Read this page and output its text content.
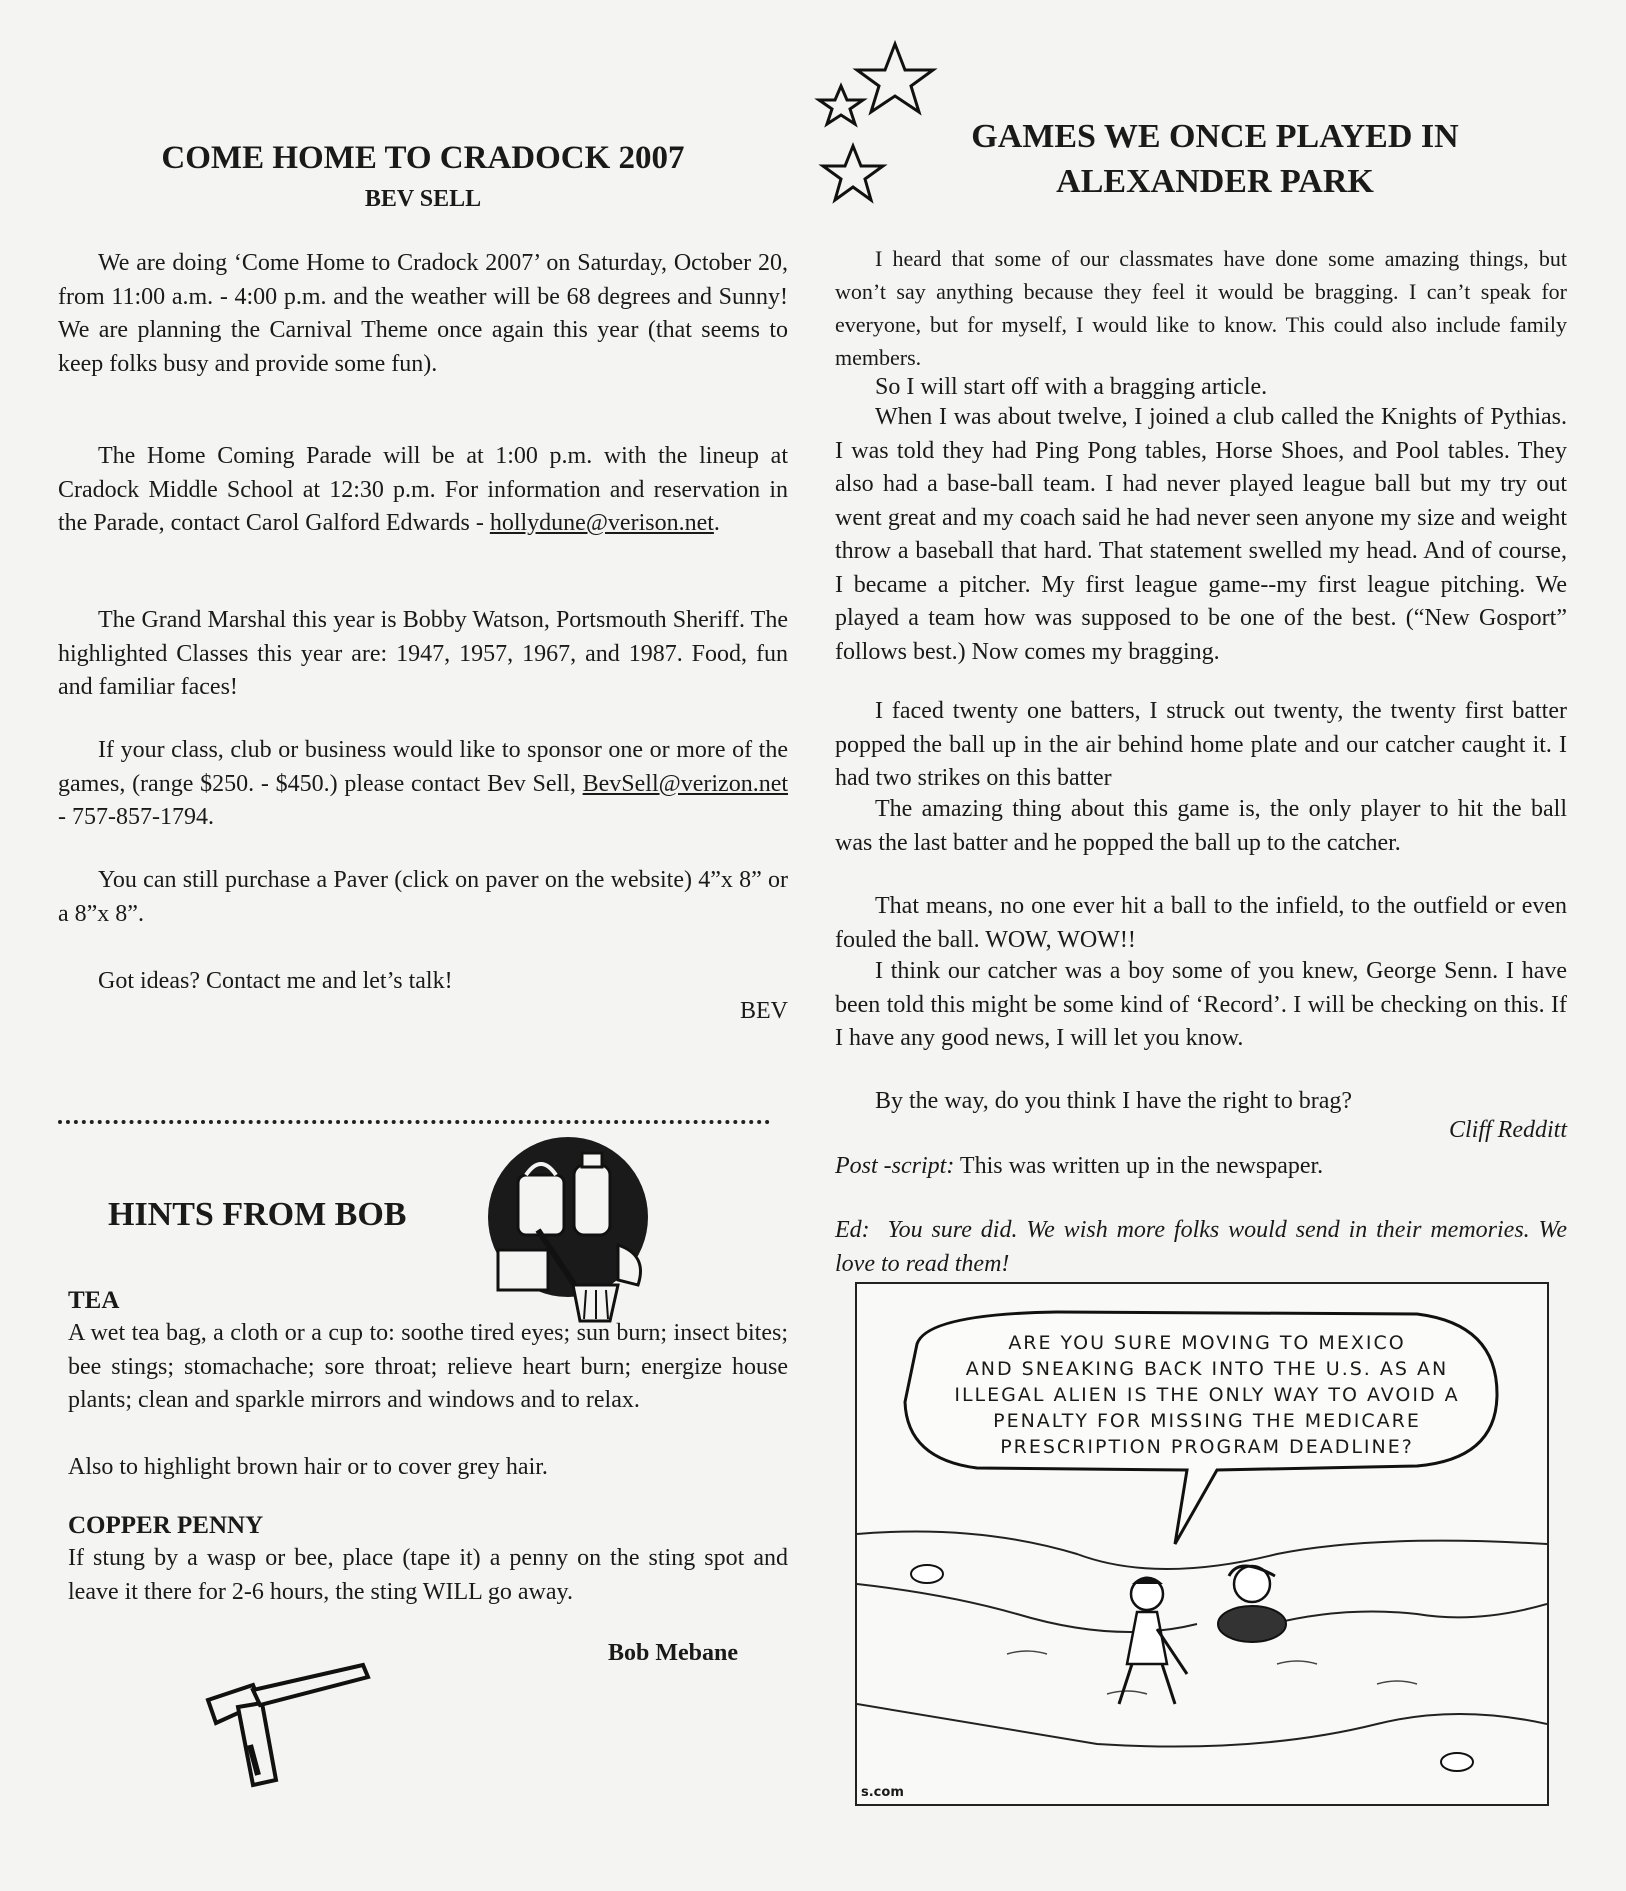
COME HOME TO CRADOCK 2007
BEV SELL

We are doing ‘Come Home to Cradock 2007’ on Saturday, October 20, from 11:00 a.m. - 4:00 p.m. and the weather will be 68 degrees and Sunny! We are planning the Carnival Theme once again this year (that seems to keep folks busy and provide some fun).

The Home Coming Parade will be at 1:00 p.m. with the lineup at Cradock Middle School at 12:30 p.m. For information and reservation in the Parade, contact Carol Galford Edwards - hollydune@verison.net.

The Grand Marshal this year is Bobby Watson, Portsmouth Sheriff. The highlighted Classes this year are: 1947, 1957, 1967, and 1987. Food, fun and familiar faces!

If your class, club or business would like to sponsor one or more of the games, (range $250. - $450.) please contact Bev Sell, BevSell@verizon.net - 757-857-1794.

You can still purchase a Paver (click on paver on the website) 4”x 8” or a 8”x 8”.

Got ideas? Contact me and let’s talk!

BEV
HINTS FROM BOB
TEA

A wet tea bag, a cloth or a cup to: soothe tired eyes; sun burn; insect bites; bee stings; stomachache; sore throat; relieve heart burn; energize house plants; clean and sparkle mirrors and windows and to relax.

Also to highlight brown hair or to cover grey hair.

COPPER PENNY

If stung by a wasp or bee, place (tape it) a penny on the sting spot and leave it there for 2-6 hours, the sting WILL go away.

Bob Mebane
GAMES WE ONCE PLAYED IN
ALEXANDER PARK

I heard that some of our classmates have done some amazing things, but won’t say anything because they feel it would be bragging. I can’t speak for everyone, but for myself, I would like to know. This could also include family members.

So I will start off with a bragging article.

When I was about twelve, I joined a club called the Knights of Pythias. I was told they had Ping Pong tables, Horse Shoes, and Pool tables. They also had a base-ball team. I had never played league ball but my try out went great and my coach said he had never seen anyone my size and weight throw a baseball that hard. That statement swelled my head. And of course, I became a pitcher. My first league game--my first league pitching. We played a team how was supposed to be one of the best. (“New Gosport” follows best.) Now comes my bragging.

I faced twenty one batters, I struck out twenty, the twenty first batter popped the ball up in the air behind home plate and our catcher caught it. I had two strikes on this batter

The amazing thing about this game is, the only player to hit the ball was the last batter and he popped the ball up to the catcher.

That means, no one ever hit a ball to the infield, to the outfield or even fouled the ball. WOW, WOW!!

I think our catcher was a boy some of you knew, George Senn. I have been told this might be some kind of ‘Record’. I will be checking on this. If I have any good news, I will let you know.

By the way, do you think I have the right to brag?

Cliff Redditt

Post -script: This was written up in the newspaper.

Ed: You sure did. We wish more folks would send in their memories. We love to read them!

ARE YOU SURE MOVING TO MEXICO
AND SNEAKING BACK INTO THE U.S. AS AN
ILLEGAL ALIEN IS THE ONLY WAY TO AVOID A
PENALTY FOR MISSING THE MEDICARE
PRESCRIPTION PROGRAM DEADLINE?
s.com
